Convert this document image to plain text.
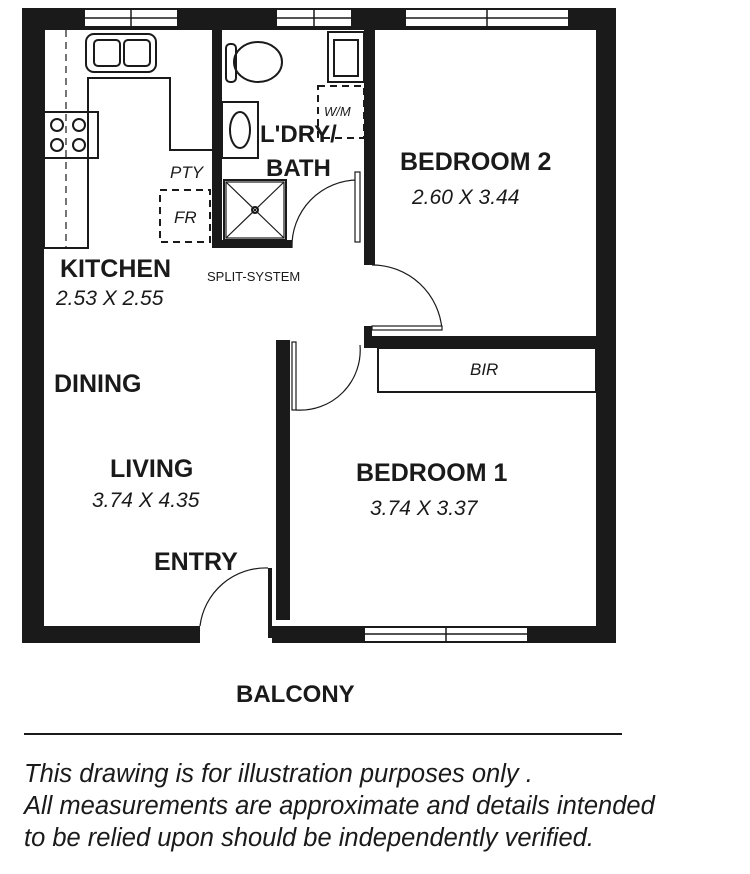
KITCHEN
2.53 X 2.55
DINING
LIVING
3.74 X 4.35
ENTRY
L'DRY/
BATH	BEDROOM 2
2.60 X 3.44
BEDROOM 1
3.74 X 3.37
PTY
FR
W/M
SPLIT-SYSTEM
BIR
BALCONY
This drawing is for illustration purposes only .
All measurements are approximate and details intended
to be relied upon should be independently verified.
